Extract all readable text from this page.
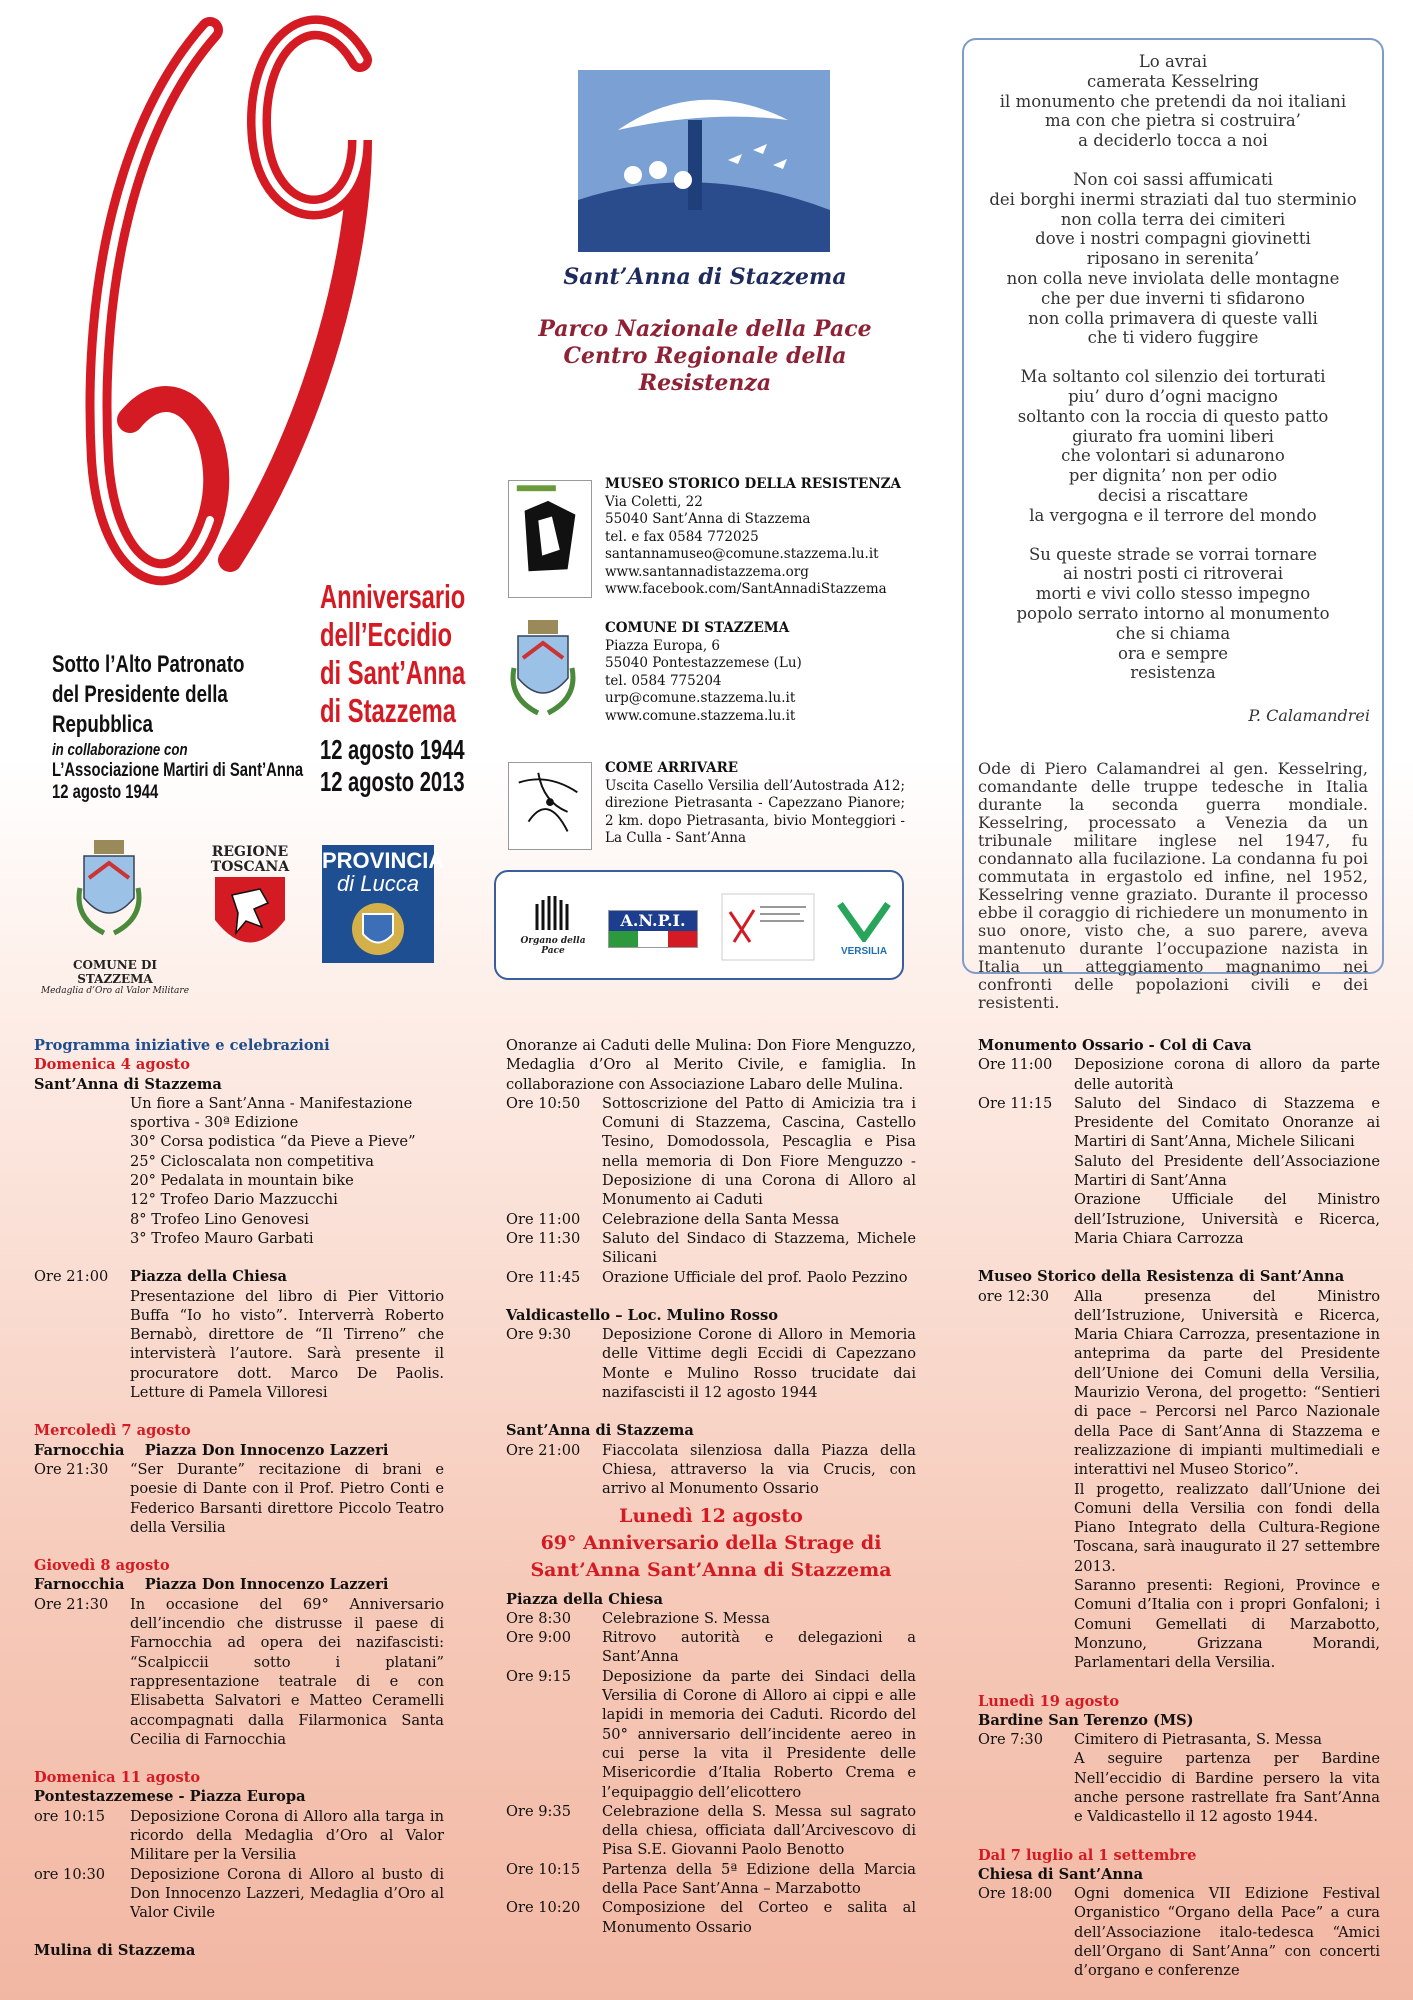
Sotto l’Alto Patronato
del Presidente della
Repubblica
in collaborazione con
L’Associazione Martiri di Sant’Anna
12 agosto 1944
Anniversario
dell’Eccidio
di Sant’Anna
di Stazzema
12 agosto 1944
12 agosto 2013
COMUNE DI STAZZEMA
Medaglia d’Oro al Valor Militare
REGIONE
TOSCANA PROVINCIA
di Lucca
Sant’Anna di Stazzema
Parco Nazionale della Pace
Centro Regionale della Resistenza
MUSEO STORICO DELLA RESISTENZA
Via Coletti, 22
55040 Sant’Anna di Stazzema
tel. e fax 0584 772025
santannamuseo@comune.stazzema.lu.it
www.santannadistazzema.org
www.facebook.com/SantAnnadiStazzema
COMUNE DI STAZZEMA
Piazza Europa, 6
55040 Pontestazzemese (Lu)
tel. 0584 775204
urp@comune.stazzema.lu.it
www.comune.stazzema.lu.it
COME ARRIVARE
Uscita Casello Versilia dell’Autostrada A12; direzione Pietrasanta - Capezzano Pianore; 2 km. dopo Pietrasanta, bivio Monteggiori - La Culla - Sant’Anna
Organo della Pace
A.N.P.I.
VERSILIA

Lo avrai
camerata Kesselring
il monumento che pretendi da noi italiani
ma con che pietra si costruira’
a deciderlo tocca a noi

Non coi sassi affumicati
dei borghi inermi straziati dal tuo sterminio
non colla terra dei cimiteri
dove i nostri compagni giovinetti
riposano in serenita’
non colla neve inviolata delle montagne
che per due inverni ti sfidarono
non colla primavera di queste valli
che ti videro fuggire

Ma soltanto col silenzio dei torturati
piu’ duro d’ogni macigno
soltanto con la roccia di questo patto
giurato fra uomini liberi
che volontari si adunarono
per dignita’ non per odio
decisi a riscattare
la vergogna e il terrore del mondo

Su queste strade se vorrai tornare
ai nostri posti ci ritroverai
morti e vivi collo stesso impegno
popolo serrato intorno al monumento
che si chiama
ora e sempre
resistenza

P. Calamandrei
Ode di Piero Calamandrei al gen. Kesselring, comandante delle truppe tedesche in Italia durante la seconda guerra mondiale. Kesselring, processato a Venezia da un tribunale militare inglese nel 1947, fu condannato alla fucilazione. La condanna fu poi commutata in ergastolo ed infine, nel 1952, Kesselring venne graziato. Durante il processo ebbe il coraggio di richiedere un monumento in suo onore, visto che, a suo parere, aveva mantenuto durante l’occupazione nazista in Italia un atteggiamento magnanimo nei confronti delle popolazioni civili e dei resistenti.
Programma iniziative e celebrazioni
Domenica 4 agosto
Sant’Anna di Stazzema
Un fiore a Sant’Anna - Manifestazione sportiva - 30ª Edizione
30° Corsa podistica “da Pieve a Pieve”
25° Cicloscalata non competitiva
20° Pedalata in mountain bike
12° Trofeo Dario Mazzucchi
8° Trofeo Lino Genovesi
3° Trofeo Mauro Garbati
Ore 21:00	Piazza della Chiesa
Presentazione del libro di Pier Vittorio Buffa “Io ho visto”. Interverrà Roberto Bernabò, direttore de “Il Tirreno” che intervisterà l’autore. Sarà presente il procuratore dott. Marco De Paolis. Letture di Pamela Villoresi
Mercoledì 7 agosto
Farnocchia    Piazza Don Innocenzo Lazzeri
Ore 21:30	“Ser Durante” recitazione di brani e poesie di Dante con il Prof. Pietro Conti e Federico Barsanti direttore Piccolo Teatro della Versilia
Giovedì 8 agosto
Farnocchia    Piazza Don Innocenzo Lazzeri
Ore 21:30	In occasione del 69° Anniversario dell’incendio che distrusse il paese di Farnocchia ad opera dei nazifascisti: “Scalpiccii sotto i platani” rappresentazione teatrale di e con Elisabetta Salvatori e Matteo Ceramelli accompagnati dalla Filarmonica Santa Cecilia di Farnocchia
Domenica 11 agosto
Pontestazzemese - Piazza Europa
ore 10:15	Deposizione Corona di Alloro alla targa in ricordo della Medaglia d’Oro al Valor Militare per la Versilia
ore 10:30	Deposizione Corona di Alloro al busto di Don Innocenzo Lazzeri, Medaglia d’Oro al Valor Civile
Mulina di Stazzema
Onoranze ai Caduti delle Mulina: Don Fiore Menguzzo, Medaglia d’Oro al Merito Civile, e famiglia. In collaborazione con Associazione Labaro delle Mulina.
Ore 10:50	Sottoscrizione del Patto di Amicizia tra i Comuni di Stazzema, Cascina, Castello Tesino, Domodossola, Pescaglia e Pisa nella memoria di Don Fiore Menguzzo - Deposizione di una Corona di Alloro al Monumento ai Caduti
Ore 11:00	Celebrazione della Santa Messa
Ore 11:30	Saluto del Sindaco di Stazzema, Michele Silicani
Ore 11:45	Orazione Ufficiale del prof. Paolo Pezzino
Valdicastello – Loc. Mulino Rosso
Ore 9:30	Deposizione Corone di Alloro in Memoria delle Vittime degli Eccidi di Capezzano Monte e Mulino Rosso trucidate dai nazifascisti il 12 agosto 1944
Sant’Anna di Stazzema
Ore 21:00	Fiaccolata silenziosa dalla Piazza della Chiesa, attraverso la via Crucis, con arrivo al Monumento Ossario
Lunedì 12 agosto
69° Anniversario della Strage di
Sant’Anna Sant’Anna di Stazzema
Piazza della Chiesa
Ore 8:30	Celebrazione S. Messa
Ore 9:00	Ritrovo autorità e delegazioni a Sant’Anna
Ore 9:15	Deposizione da parte dei Sindaci della Versilia di Corone di Alloro ai cippi e alle lapidi in memoria dei Caduti. Ricordo del 50° anniversario dell’incidente aereo in cui perse la vita il Presidente delle Misericordie d’Italia Roberto Crema e l’equipaggio dell’elicottero
Ore 9:35	Celebrazione della S. Messa sul sagrato della chiesa, officiata dall’Arcivescovo di Pisa S.E. Giovanni Paolo Benotto
Ore 10:15	Partenza della 5ª Edizione della Marcia della Pace Sant’Anna – Marzabotto
Ore 10:20	Composizione del Corteo e salita al Monumento Ossario
Monumento Ossario - Col di Cava
Ore 11:00	Deposizione corona di alloro da parte delle autorità
Ore 11:15	Saluto del Sindaco di Stazzema e Presidente del Comitato Onoranze ai Martiri di Sant’Anna, Michele Silicani
Saluto del Presidente dell’Associazione Martiri di Sant’Anna
Orazione Ufficiale del Ministro dell’Istruzione, Università e Ricerca, Maria Chiara Carrozza
Museo Storico della Resistenza di Sant’Anna
ore 12:30	Alla presenza del Ministro dell’Istruzione, Università e Ricerca, Maria Chiara Carrozza, presentazione in anteprima da parte del Presidente dell’Unione dei Comuni della Versilia, Maurizio Verona, del progetto: “Sentieri di pace – Percorsi nel Parco Nazionale della Pace di Sant’Anna di Stazzema e realizzazione di impianti multimediali e interattivi nel Museo Storico”.
Il progetto, realizzato dall’Unione dei Comuni della Versilia con fondi della Piano Integrato della Cultura-Regione Toscana, sarà inaugurato il 27 settembre 2013.
Saranno presenti: Regioni, Province e Comuni d’Italia con i propri Gonfaloni; i Comuni Gemellati di Marzabotto, Monzuno, Grizzana Morandi, Parlamentari della Versilia.
Lunedì 19 agosto
Bardine San Terenzo (MS)
Ore 7:30	Cimitero di Pietrasanta, S. Messa
A seguire partenza per Bardine Nell’eccidio di Bardine persero la vita anche persone rastrellate fra Sant’Anna e Valdicastello il 12 agosto 1944.
Dal 7 luglio al 1 settembre
Chiesa di Sant’Anna
Ore 18:00	Ogni domenica VII Edizione Festival Organistico “Organo della Pace” a cura dell’Associazione italo-tedesca “Amici dell’Organo di Sant’Anna” con concerti d’organo e conferenze
